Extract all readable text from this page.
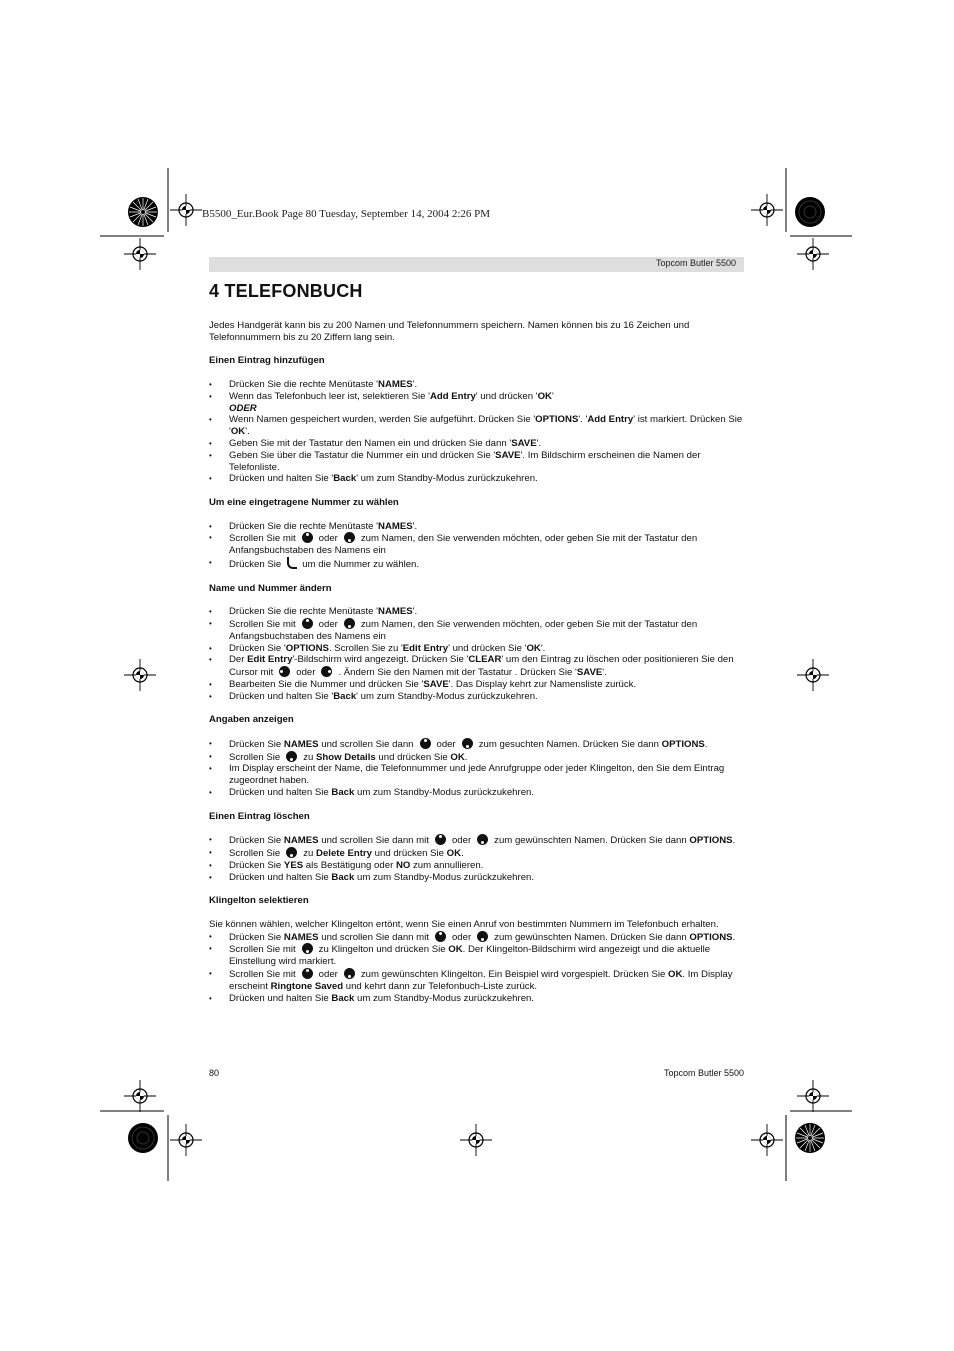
B5500_Eur.Book Page 80 Tuesday, September 14, 2004 2:26 PM
Topcom Butler 5500
4 TELEFONBUCH

Jedes Handgerät kann bis zu 200 Namen und Telefonnummern speichern. Namen können bis zu 16 Zeichen und Telefonnummern bis zu 20 Ziffern lang sein.

Einen Eintrag hinzufügen
• Drücken Sie die rechte Menütaste 'NAMES'.
• Wenn das Telefonbuch leer ist, selektieren Sie 'Add Entry' und drücken 'OK'
ODER
• Wenn Namen gespeichert wurden, werden Sie aufgeführt. Drücken Sie 'OPTIONS'. 'Add Entry' ist markiert. Drücken Sie 'OK'.
• Geben Sie mit der Tastatur den Namen ein und drücken Sie dann 'SAVE'.
• Geben Sie über die Tastatur die Nummer ein und drücken Sie 'SAVE'. Im Bildschirm erscheinen die Namen der Telefonliste.
• Drücken und halten Sie 'Back' um zum Standby-Modus zurückzukehren.
Um eine eingetragene Nummer zu wählen
• Drücken Sie die rechte Menütaste 'NAMES'.
• Scrollen Sie mit oder zum Namen, den Sie verwenden möchten, oder geben Sie mit der Tastatur den Anfangsbuchstaben des Namens ein
• Drücken Sie um die Nummer zu wählen.
Name und Nummer ändern
• Drücken Sie die rechte Menütaste 'NAMES'.
• Scrollen Sie mit oder zum Namen, den Sie verwenden möchten, oder geben Sie mit der Tastatur den Anfangsbuchstaben des Namens ein
• Drücken Sie 'OPTIONS. Scrollen Sie zu 'Edit Entry' und drücken Sie 'OK'.
• Der Edit Entry'-Bildschirm wird angezeigt. Drücken Sie 'CLEAR' um den Eintrag zu löschen oder positionieren Sie den Cursor mit oder . Ändern Sie den Namen mit der Tastatur . Drücken Sie 'SAVE'.
• Bearbeiten Sie die Nummer und drücken Sie 'SAVE'. Das Display kehrt zur Namensliste zurück.
• Drücken und halten Sie 'Back' um zum Standby-Modus zurückzukehren.
Angaben anzeigen
• Drücken Sie NAMES und scrollen Sie dann oder zum gesuchten Namen. Drücken Sie dann OPTIONS.
• Scrollen Sie zu Show Details und drücken Sie OK.
• Im Display erscheint der Name, die Telefonnummer und jede Anrufgruppe oder jeder Klingelton, den Sie dem Eintrag zugeordnet haben.
• Drücken und halten Sie Back um zum Standby-Modus zurückzukehren.
Einen Eintrag löschen
• Drücken Sie NAMES und scrollen Sie dann mit oder zum gewünschten Namen. Drücken Sie dann OPTIONS.
• Scrollen Sie zu Delete Entry und drücken Sie OK.
• Drücken Sie YES als Bestätigung oder NO zum annullieren.
• Drücken und halten Sie Back um zum Standby-Modus zurückzukehren.
Klingelton selektieren

Sie können wählen, welcher Klingelton ertönt, wenn Sie einen Anruf von bestimmten Nummern im Telefonbuch erhalten.

• Drücken Sie NAMES und scrollen Sie dann mit oder zum gewünschten Namen. Drücken Sie dann OPTIONS.
• Scrollen Sie mit zu Klingelton und drücken Sie OK. Der Klingelton-Bildschirm wird angezeigt und die aktuelle Einstellung wird markiert.
• Scrollen Sie mit oder zum gewünschten Klingelton. Ein Beispiel wird vorgespielt. Drücken Sie OK. Im Display erscheint Ringtone Saved und kehrt dann zur Telefonbuch-Liste zurück.
• Drücken und halten Sie Back um zum Standby-Modus zurückzukehren.
80	Topcom Butler 5500
